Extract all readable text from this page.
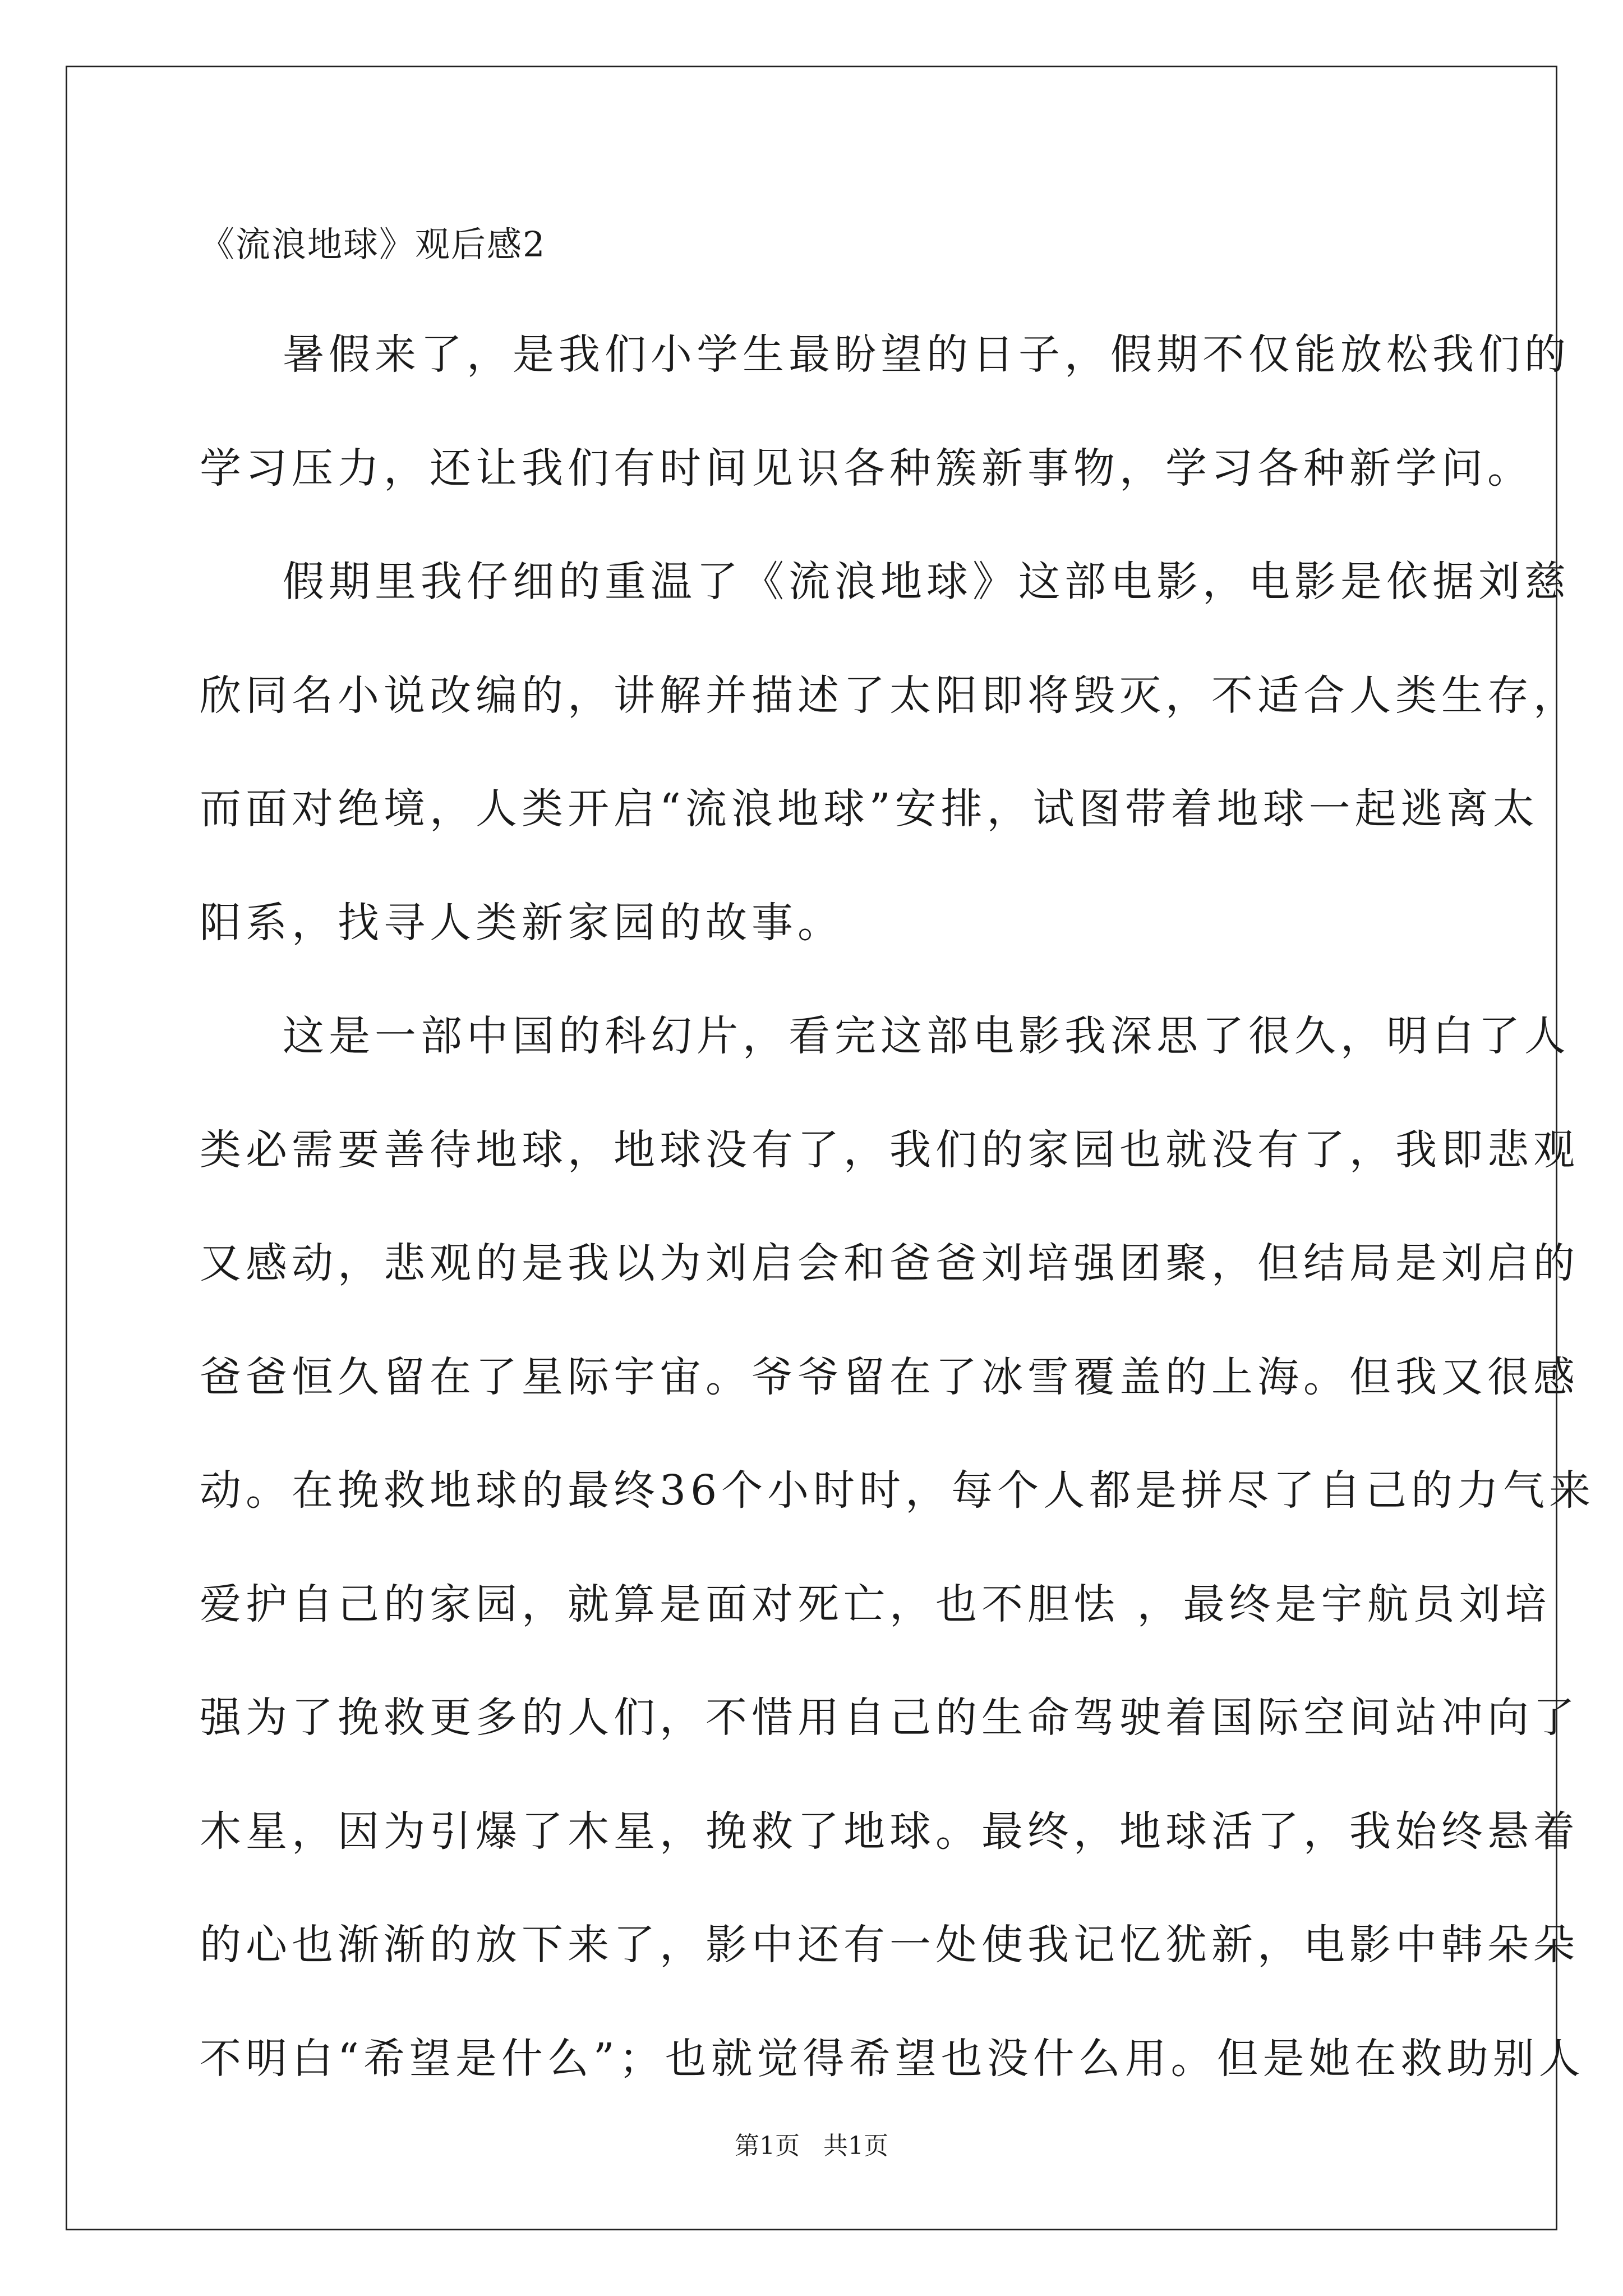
《流浪地球》观后感2
暑假来了，是我们小学生最盼望的日子，假期不仅能放松我们的
学习压力，还让我们有时间见识各种簇新事物，学习各种新学问。
假期里我仔细的重温了《流浪地球》这部电影，电影是依据刘慈
欣同名小说改编的，讲解并描述了太阳即将毁灭，不适合人类生存，
而面对绝境，人类开启“流浪地球”安排，试图带着地球一起逃离太
阳系，找寻人类新家园的故事。
这是一部中国的科幻片，看完这部电影我深思了很久，明白了人
类必需要善待地球，地球没有了，我们的家园也就没有了，我即悲观
又感动，悲观的是我以为刘启会和爸爸刘培强团聚，但结局是刘启的
爸爸恒久留在了星际宇宙。爷爷留在了冰雪覆盖的上海。但我又很感
动。在挽救地球的最终36个小时时，每个人都是拼尽了自己的力气来
爱护自己的家园，就算是面对死亡，也不胆怯 ，最终是宇航员刘培
强为了挽救更多的人们，不惜用自己的生命驾驶着国际空间站冲向了
木星，因为引爆了木星，挽救了地球。最终，地球活了，我始终悬着
的心也渐渐的放下来了，影中还有一处使我记忆犹新，电影中韩朵朵
不明白“希望是什么”；也就觉得希望也没什么用。但是她在救助别人
第1页   共1页
